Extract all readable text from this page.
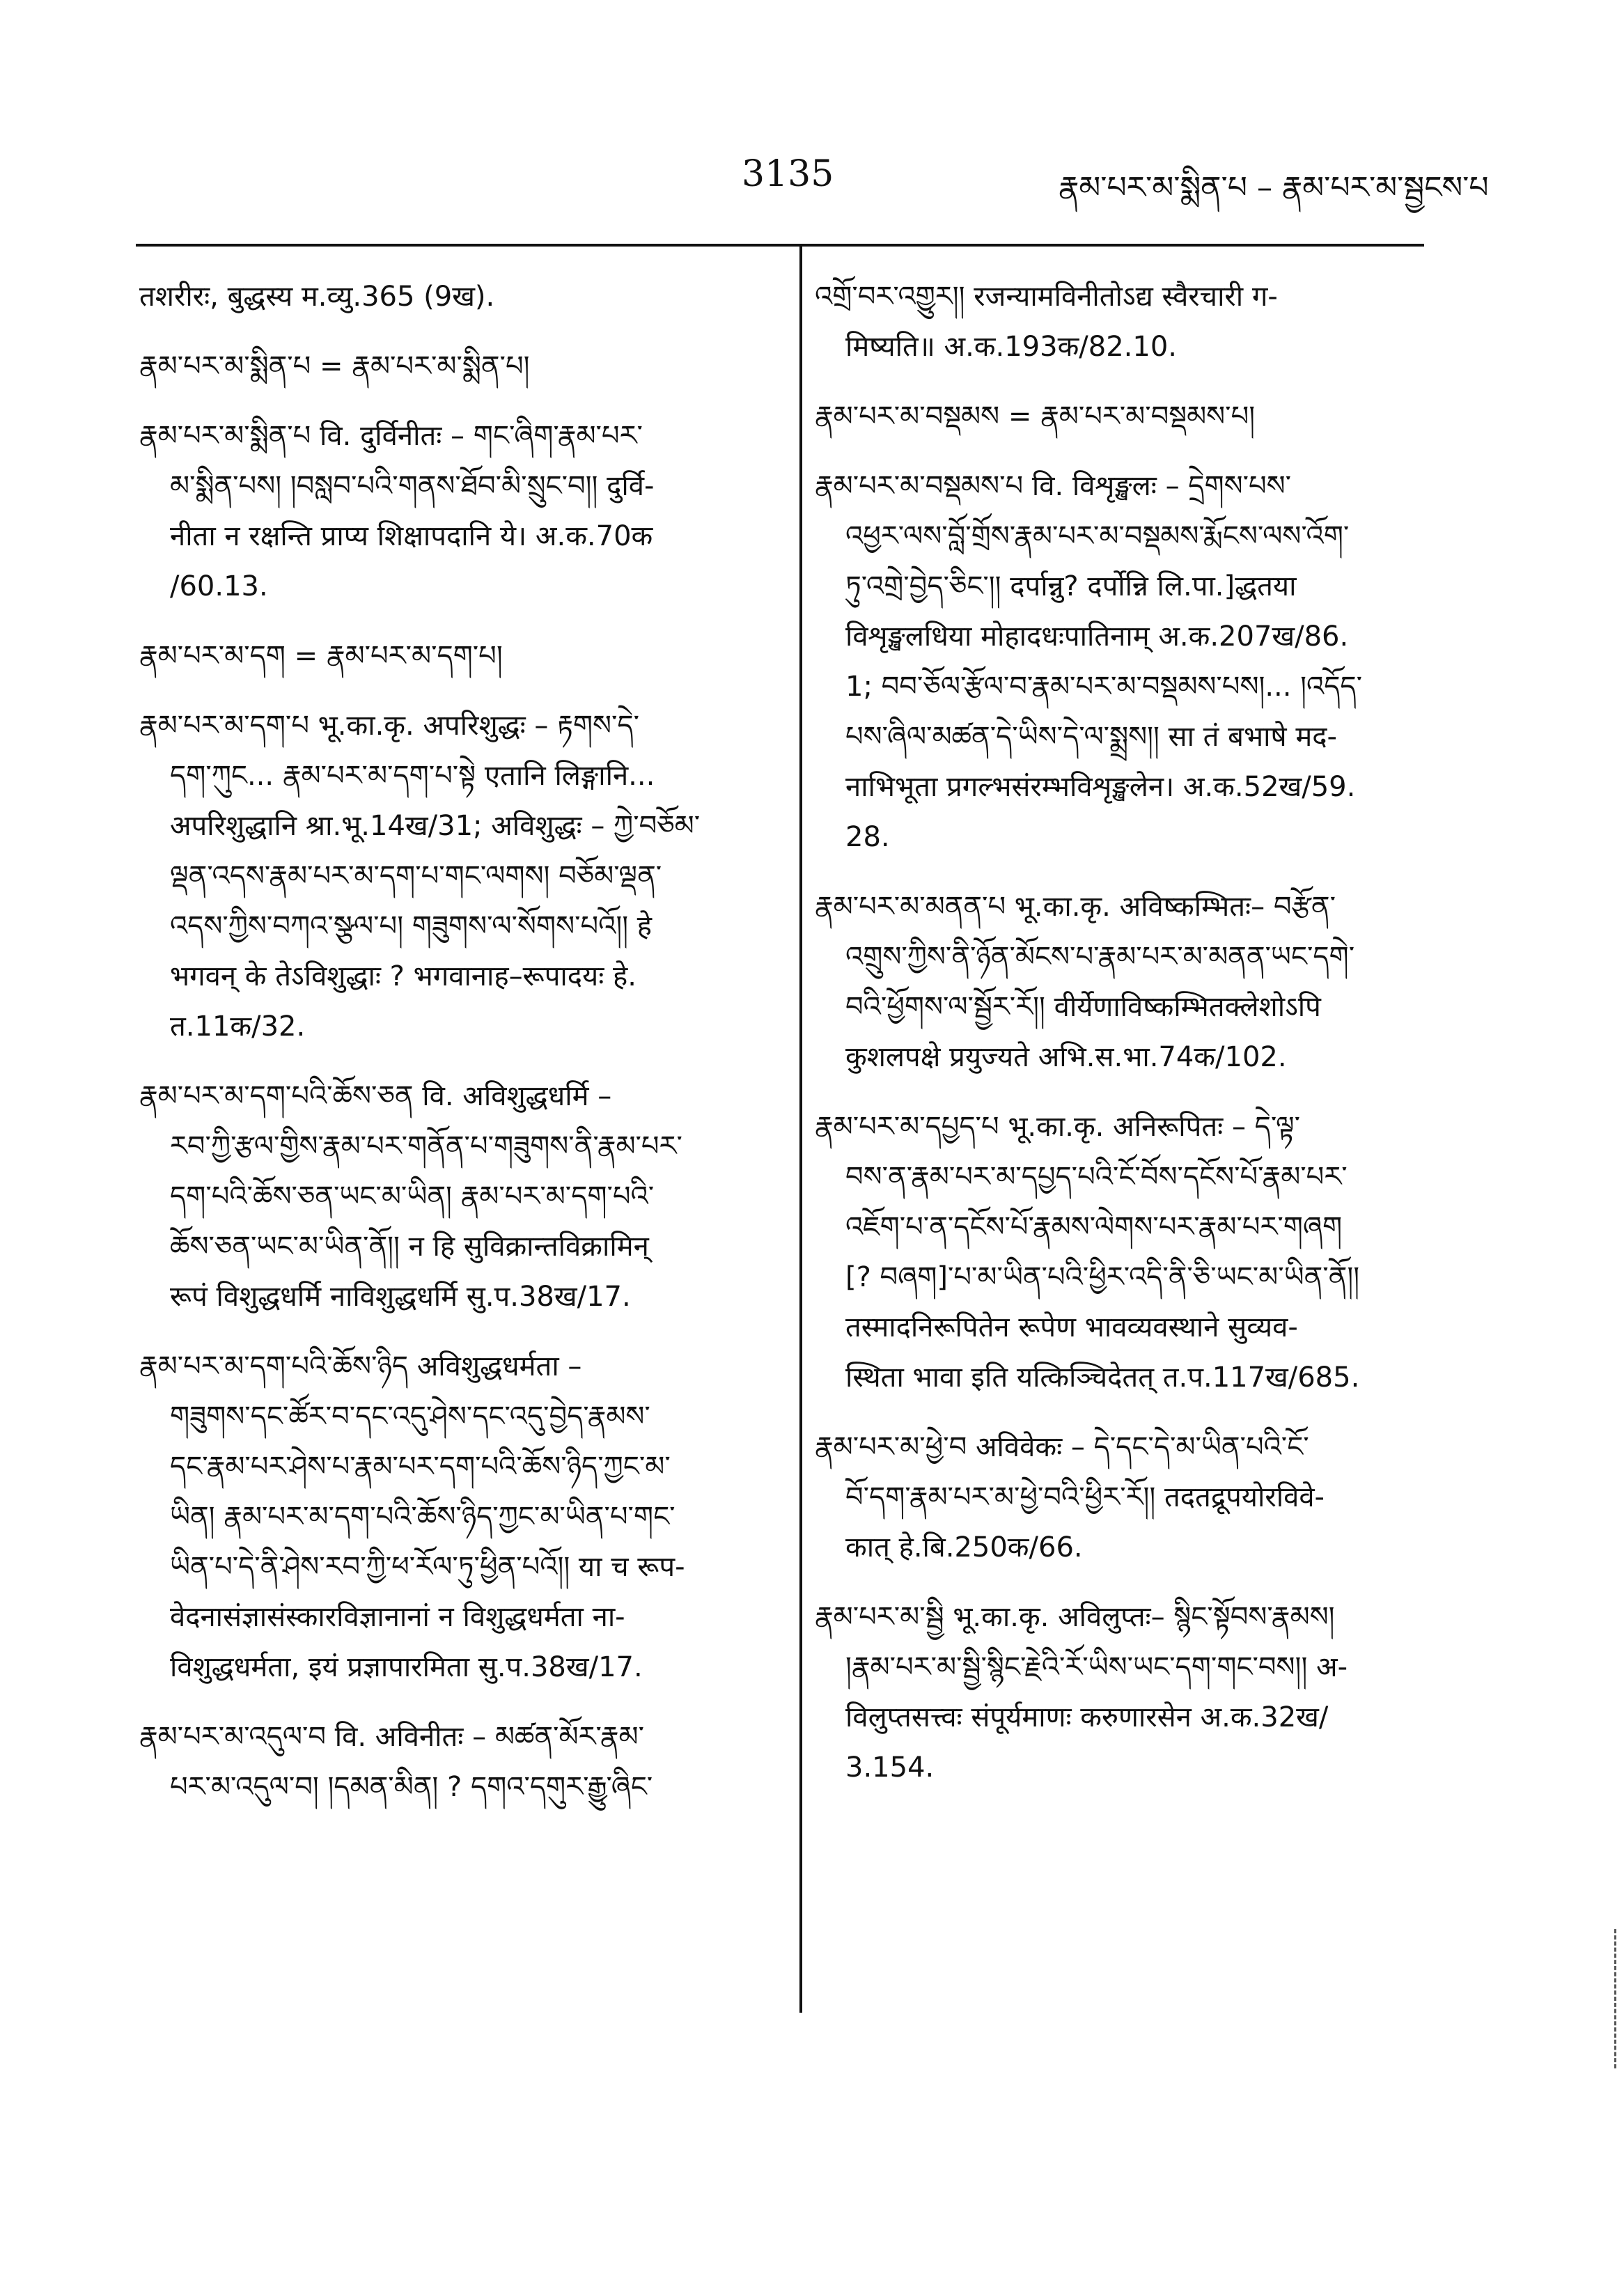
3135	རྣམ་པར་མ་སྨིན་པ – རྣམ་པར་མ་སྦྱངས་པ
तशरीरः, बुद्धस्य म.व्यु.365 (9ख).
རྣམ་པར་མ་སྨིན་པ = རྣམ་པར་མ་སྨིན་པ།
རྣམ་པར་མ་སྨིན་པ वि. दुर्विनीतः – གང་ཞིག་རྣམ་པར་
མ་སྨིན་པས། །བསླབ་པའི་གནས་ཐོབ་མི་སྲུང་བ།། दुर्वि-
नीता न रक्षन्ति प्राप्य शिक्षापदानि ये। अ.क.70क
/60.13.
རྣམ་པར་མ་དག = རྣམ་པར་མ་དག་པ།
རྣམ་པར་མ་དག་པ भू.का.कृ. अपरिशुद्धः – རྟགས་དེ་
དག་ཀུང... རྣམ་པར་མ་དག་པ་སྟེ एतानि लिङ्गानि...
अपरिशुद्धानि श्रा.भू.14ख/31; अविशुद्धः – ཀྱེ་བཅོམ་
ལྡན་འདས་རྣམ་པར་མ་དག་པ་གང་ལགས། བཅོམ་ལྡན་
འདས་ཀྱིས་བཀའ་སྩལ་པ། གཟུགས་ལ་སོགས་པའོ།། हे
भगवन् के तेऽविशुद्धाः ? भगवानाह–रूपादयः हे.
त.11क/32.
རྣམ་པར་མ་དག་པའི་ཆོས་ཅན वि. अविशुद्धधर्मि –
རབ་ཀྱི་རྩལ་གྱིས་རྣམ་པར་གནོན་པ་གཟུགས་ནི་རྣམ་པར་
དག་པའི་ཆོས་ཅན་ཡང་མ་ཡིན། རྣམ་པར་མ་དག་པའི་
ཆོས་ཅན་ཡང་མ་ཡིན་ནོ།། न हि सुविक्रान्तविक्रामिन्
रूपं विशुद्धधर्मि नाविशुद्धधर्मि सु.प.38ख/17.
རྣམ་པར་མ་དག་པའི་ཆོས་ཉིད अविशुद्धधर्मता –
གཟུགས་དང་ཚོར་བ་དང་འདུ་ཤེས་དང་འདུ་བྱེད་རྣམས་
དང་རྣམ་པར་ཤེས་པ་རྣམ་པར་དག་པའི་ཆོས་ཉིད་ཀྱང་མ་
ཡིན། རྣམ་པར་མ་དག་པའི་ཆོས་ཉིད་ཀྱང་མ་ཡིན་པ་གང་
ཡིན་པ་དེ་ནི་ཤེས་རབ་ཀྱི་ཕ་རོལ་ཏུ་ཕྱིན་པའོ།། या च रूप-
वेदनासंज्ञासंस्कारविज्ञानानां न विशुद्धधर्मता ना-
विशुद्धधर्मता, इयं प्रज्ञापारमिता सु.प.38ख/17.
རྣམ་པར་མ་འདུལ་བ वि. अविनीतः – མཚན་མོར་རྣམ་
པར་མ་འདུལ་བ། །དམན་མིན། ? དགའ་དགུར་རྒྱུ་ཞིང་
འགྲོ་བར་འགྱུར།། रजन्यामविनीतोऽद्य स्वैरचारी ग-
मिष्यति॥ अ.क.193क/82.10.
རྣམ་པར་མ་བསྡམས = རྣམ་པར་མ་བསྡམས་པ།
རྣམ་པར་མ་བསྡམས་པ वि. विशृङ्खलः – དྲེགས་པས་
འཕྱར་ལས་བློ་གྲོས་རྣམ་པར་མ་བསྡམས་རྨོངས་ལས་འོག་
ཏུ་འགྲེ་བྱེད་ཅིང་།། दर्पान्नु? दर्पोन्नि लि.पा.]द्धतया
विशृङ्खलधिया मोहादधःपातिनाम् अ.क.207ख/86.
1; བབ་ཅོལ་རྩོལ་བ་རྣམ་པར་མ་བསྡམས་པས།... །འདོད་
པས་ཞིལ་མཚན་དེ་ཡིས་དེ་ལ་སྨྲས།། सा तं बभाषे मद-
नाभिभूता प्रगल्भसंरम्भविशृङ्खलेन। अ.क.52ख/59.
28.
རྣམ་པར་མ་མནན་པ भू.का.कृ. अविष्कम्भितः– བརྩོན་
འགྲུས་ཀྱིས་ནི་ཉོན་མོངས་པ་རྣམ་པར་མ་མནན་ཡང་དགེ་
བའི་ཕྱོགས་ལ་སྦྱོར་རོ།། वीर्येणाविष्कम्भितक्लेशोऽपि
कुशलपक्षे प्रयुज्यते अभि.स.भा.74क/102.
རྣམ་པར་མ་དཔྱད་པ भू.का.कृ. अनिरूपितः – དེ་ལྟ་
བས་ན་རྣམ་པར་མ་དཔྱད་པའི་ངོ་བོས་དངོས་པོ་རྣམ་པར་
འཇོག་པ་ན་དངོས་པོ་རྣམས་ལེགས་པར་རྣམ་པར་གཞག
[? བཞག]་པ་མ་ཡིན་པའི་ཕྱིར་འདི་ནི་ཅི་ཡང་མ་ཡིན་ནོ།།
तस्मादनिरूपितेन रूपेण भावव्यवस्थाने सुव्यव-
स्थिता भावा इति यत्किञ्चिदेतत् त.प.117ख/685.
རྣམ་པར་མ་ཕྱེ་བ अविवेकः – དེ་དང་དེ་མ་ཡིན་པའི་ངོ་
བོ་དག་རྣམ་པར་མ་ཕྱེ་བའི་ཕྱིར་རོ།། तदतद्रूपयोरविवे-
कात् हे.बि.250क/66.
རྣམ་པར་མ་སྦྱི भू.का.कृ. अविलुप्तः– སྙིང་སྟོབས་རྣམས།
།རྣམ་པར་མ་སྦྱི་སྙིང་རྗེའི་རོ་ཡིས་ཡང་དག་གང་བས།། अ-
विलुप्तसत्त्वः संपूर्यमाणः करुणारसेन अ.क.32ख/
3.154.
